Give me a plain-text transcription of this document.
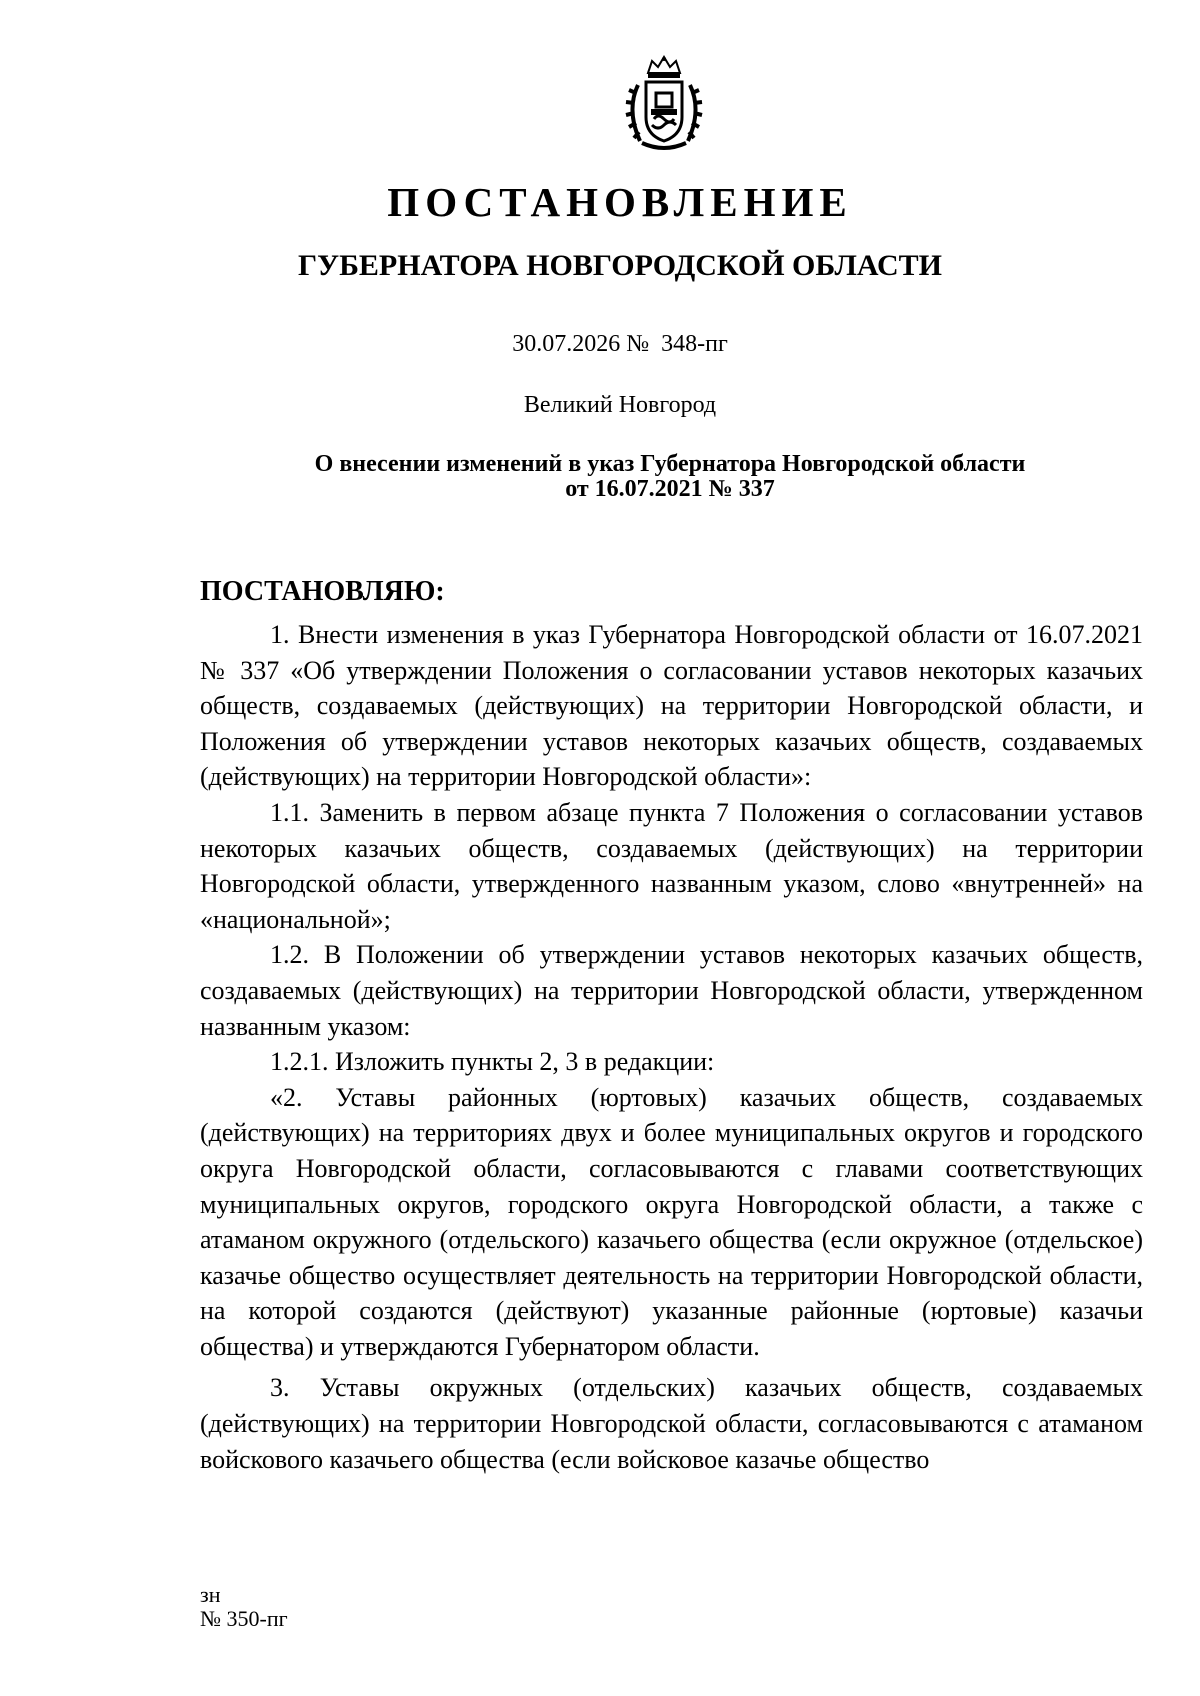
ПОСТАНОВЛЕНИЕ
ГУБЕРНАТОРА НОВГОРОДСКОЙ ОБЛАСТИ
30.07.2026 №  348-пг
Великий Новгород
О внесении изменений в указ Губернатора Новгородской области
от 16.07.2021 № 337
ПОСТАНОВЛЯЮ:

1. Внести изменения в указ Губернатора Новгородской области от 16.07.2021 № 337 «Об утверждении Положения о согласовании уставов некоторых казачьих обществ, создаваемых (действующих) на территории Новгородской области, и Положения об утверждении уставов некоторых казачьих обществ, создаваемых (действующих) на территории Новгородской области»:

1.1. Заменить в первом абзаце пункта 7 Положения о согласовании уставов некоторых казачьих обществ, создаваемых (действующих) на территории Новгородской области, утвержденного названным указом, слово «внутренней» на «национальной»;

1.2. В Положении об утверждении уставов некоторых казачьих обществ, создаваемых (действующих) на территории Новгородской области, утвержденном названным указом:

1.2.1. Изложить пункты 2, 3 в редакции:

«2. Уставы районных (юртовых) казачьих обществ, создаваемых (действующих) на территориях двух и более муниципальных округов и городского округа Новгородской области, согласовываются с главами соответствующих муниципальных округов, городского округа Новгородской области, а также с атаманом окружного (отдельского) казачьего общества (если окружное (отдельское) казачье общество осуществляет деятельность на территории Новгородской области, на которой создаются (действуют) указанные районные (юртовые) казачьи общества) и утверждаются Губернатором области.

3. Уставы окружных (отдельских) казачьих обществ, создаваемых (действующих) на территории Новгородской области, согласовываются с атаманом войскового казачьего общества (если войсковое казачье общество

зн
№ 350-пг
